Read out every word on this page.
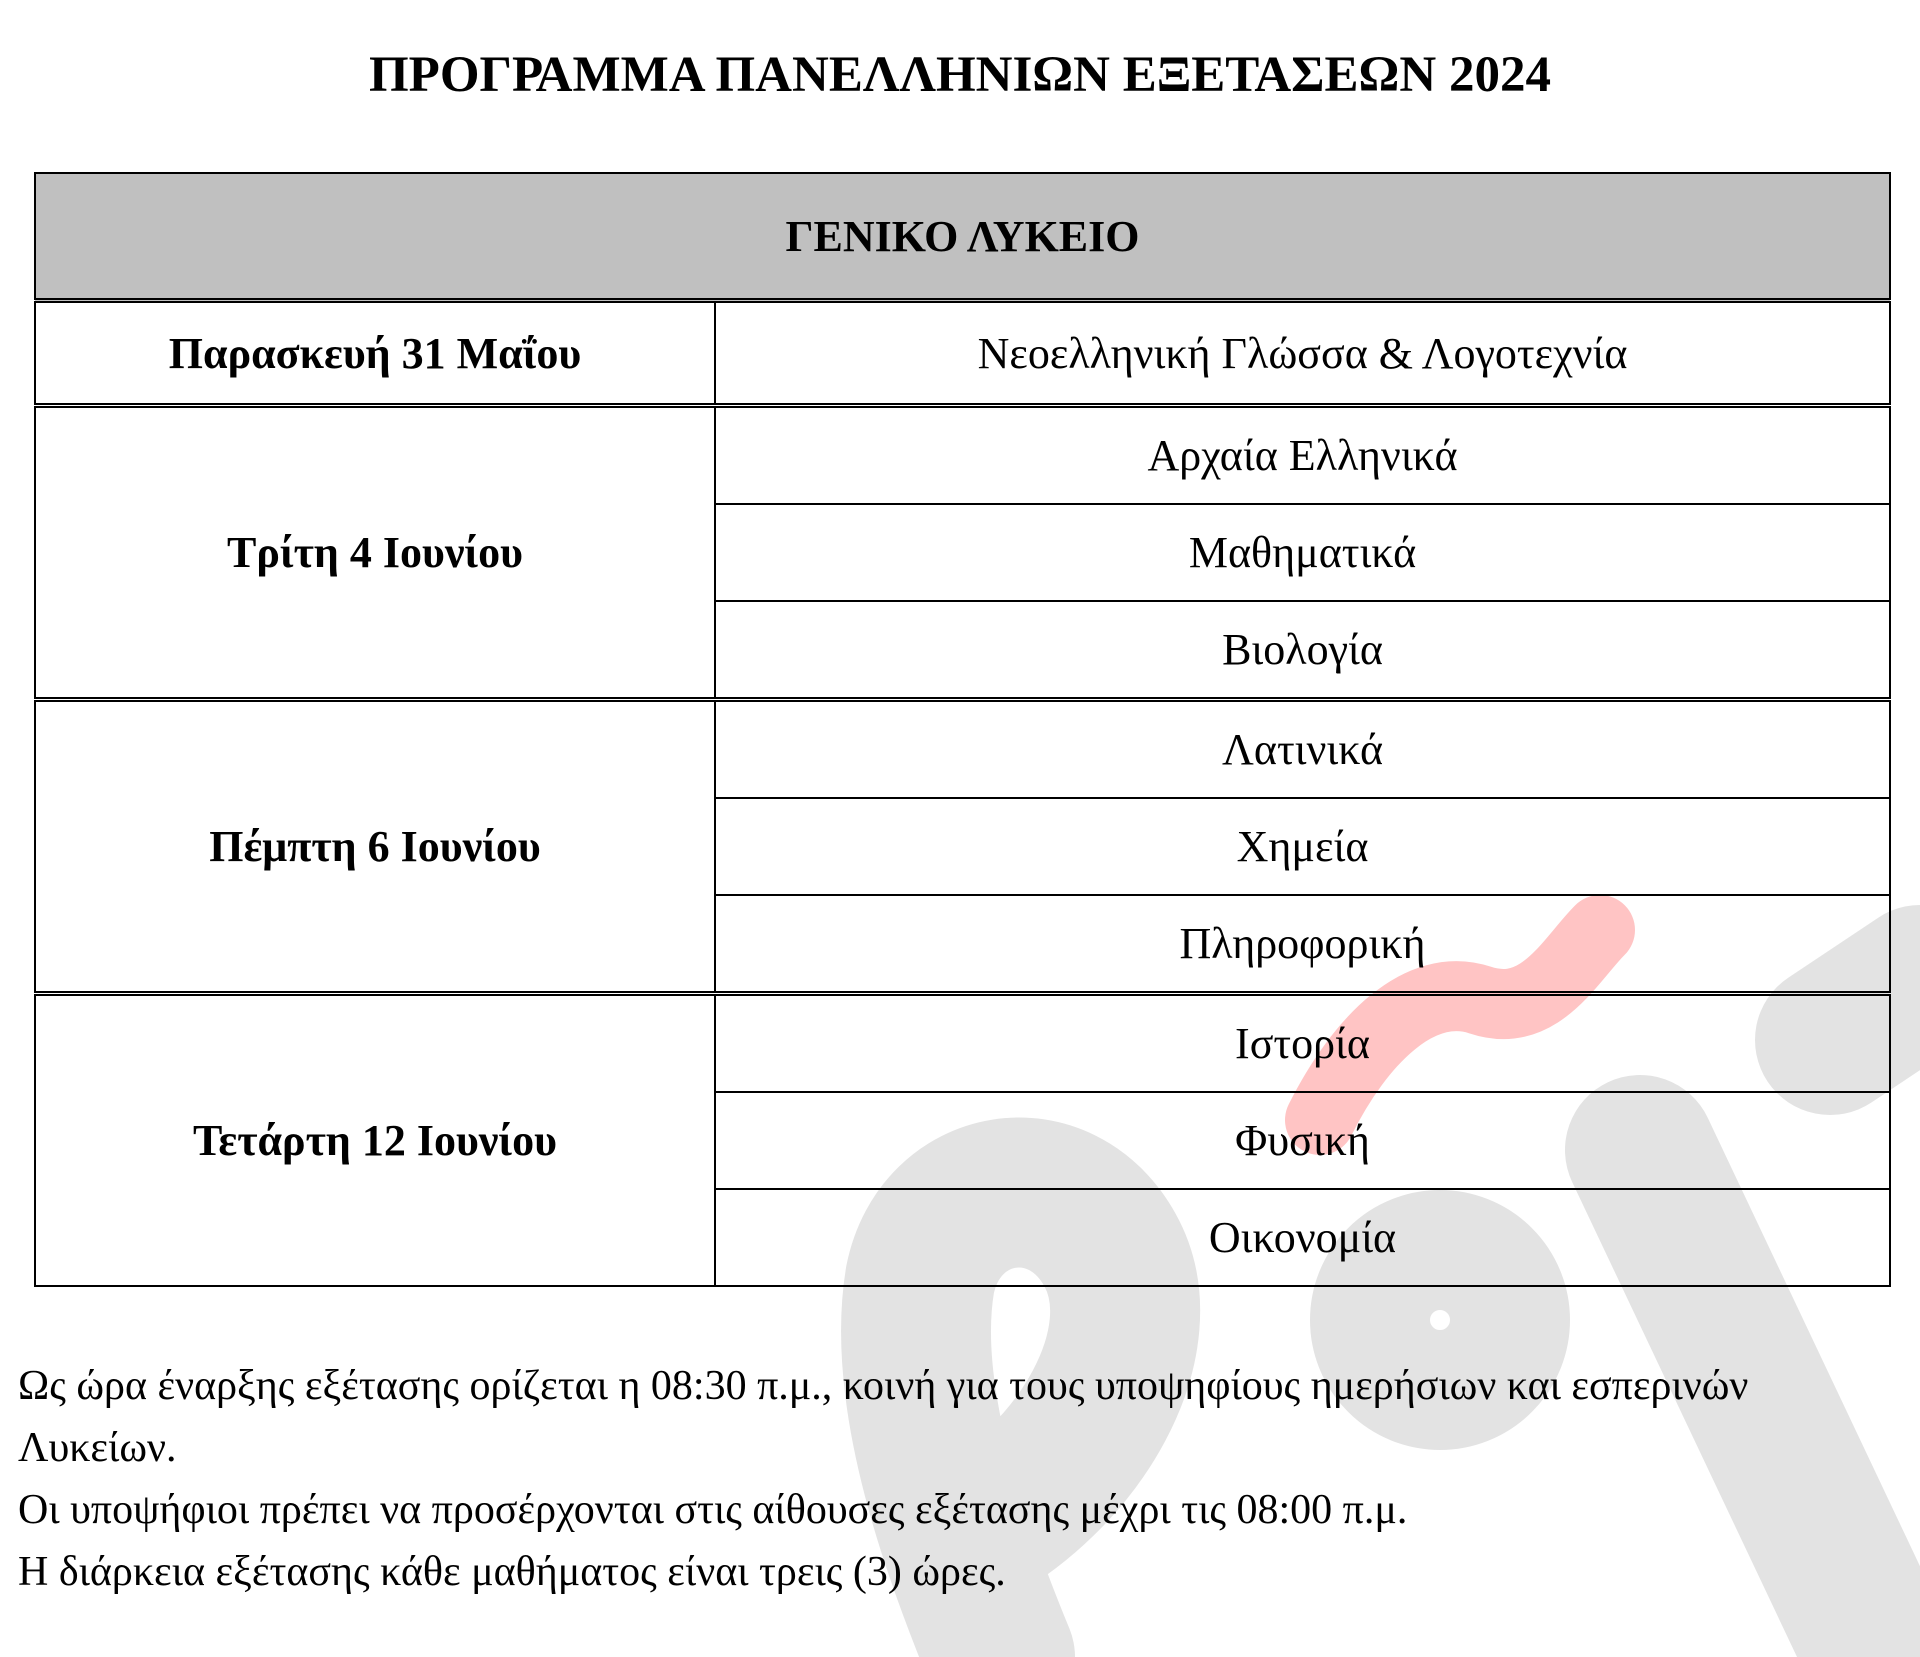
ΠΡΟΓΡΑΜΜΑ ΠΑΝΕΛΛΗΝΙΩΝ ΕΞΕΤΑΣΕΩΝ 2024
ΓΕΝΙΚΟ ΛΥΚΕΙΟ	
Παρασκευή 31 Μαΐου	Νεοελληνική Γλώσσα & Λογοτεχνία
Τρίτη 4 Ιουνίου	Αρχαία Ελληνικά
	Μαθηματικά
	Βιολογία
Πέμπτη 6 Ιουνίου	Λατινικά
	Χημεία
	Πληροφορική
Τετάρτη 12 Ιουνίου	Ιστορία
	Φυσική
	Οικονομία

Ως ώρα έναρξης εξέτασης ορίζεται η 08:30 π.μ., κοινή για τους υποψηφίους ημερήσιων και εσπερινών Λυκείων.

Οι υποψήφιοι πρέπει να προσέρχονται στις αίθουσες εξέτασης μέχρι τις 08:00 π.μ.

Η διάρκεια εξέτασης κάθε μαθήματος είναι τρεις (3) ώρες.
